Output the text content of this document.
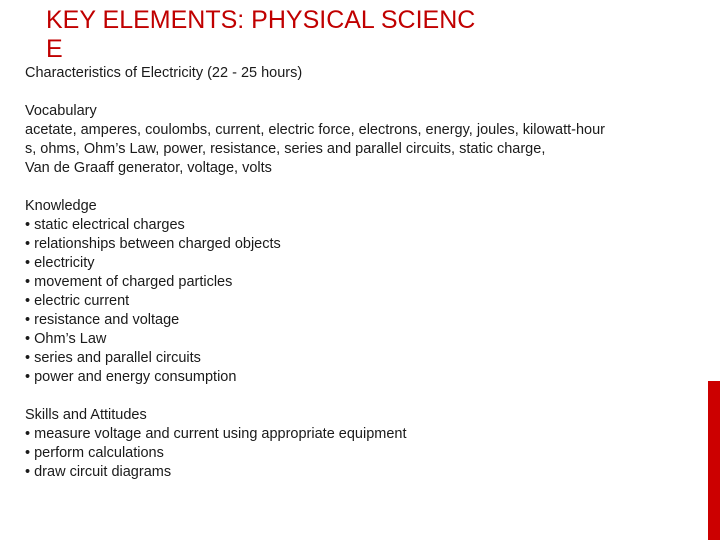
KEY ELEMENTS: PHYSICAL SCIENCE
Characteristics of Electricity (22 - 25 hours)
Vocabulary
acetate, amperes, coulombs, current, electric force, electrons, energy, joules, kilowatt-hour
s, ohms, Ohm’s Law, power, resistance, series and parallel circuits, static charge,
Van de Graaff generator, voltage, volts
Knowledge
• static electrical charges
• relationships between charged objects
• electricity
• movement of charged particles
• electric current
• resistance and voltage
• Ohm’s Law
• series and parallel circuits
• power and energy consumption
Skills and Attitudes
• measure voltage and current using appropriate equipment
• perform calculations
• draw circuit diagrams
